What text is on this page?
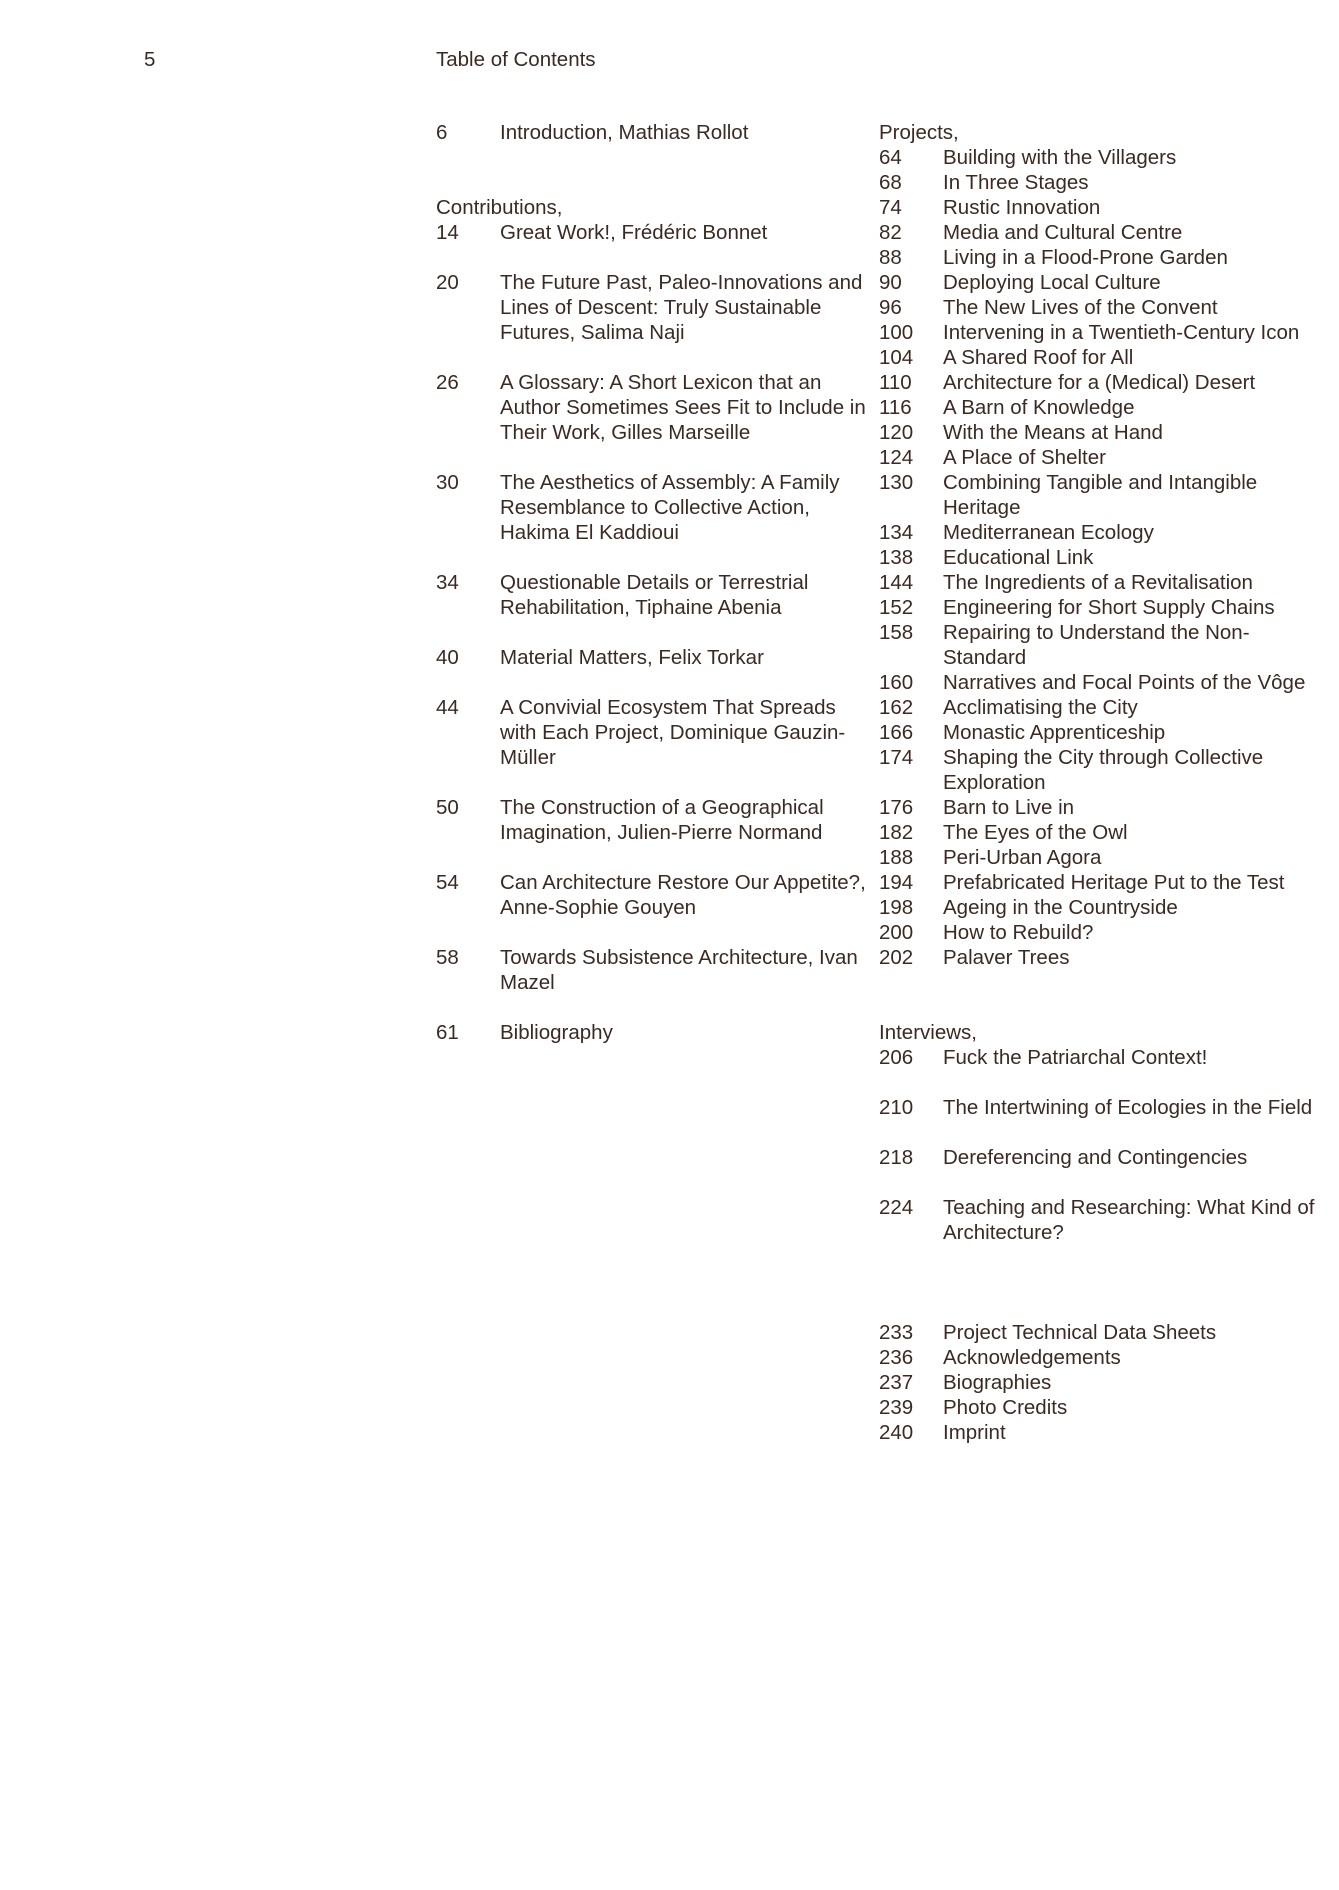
5	Table of Contents
6	Introduction, Mathias Rollot
Contributions,
14	Great Work!, Frédéric Bonnet
20	The Future Past, Paleo-Innovations and Lines of Descent: Truly Sustainable Futures, Salima Naji
26	A Glossary: A Short Lexicon that an Author Sometimes Sees Fit to Include in Their Work, Gilles Marseille
30	The Aesthetics of Assembly: A Family Resemblance to Collective Action, Hakima El Kaddioui
34	Questionable Details or Terrestrial Rehabilitation, Tiphaine Abenia
40	Material Matters, Felix Torkar
44	A Convivial Ecosystem That Spreads with Each Project, Dominique Gauzin-Müller
50	The Construction of a Geographical Imagination, Julien-Pierre Normand
54	Can Architecture Restore Our Appetite?, Anne-Sophie Gouyen
58	Towards Subsistence Architecture, Ivan Mazel
61	Bibliography
Projects,
64	Building with the Villagers
68	In Three Stages
74	Rustic Innovation
82	Media and Cultural Centre
88	Living in a Flood-Prone Garden
90	Deploying Local Culture
96	The New Lives of the Convent
100	Intervening in a Twentieth-Century Icon
104	A Shared Roof for All
110	Architecture for a (Medical) Desert
116	A Barn of Knowledge
120	With the Means at Hand
124	A Place of Shelter
130	Combining Tangible and Intangible Heritage
134	Mediterranean Ecology
138	Educational Link
144	The Ingredients of a Revitalisation
152	Engineering for Short Supply Chains
158	Repairing to Understand the Non-Standard
160	Narratives and Focal Points of the Vôge
162	Acclimatising the City
166	Monastic Apprenticeship
174	Shaping the City through Collective Exploration
176	Barn to Live in
182	The Eyes of the Owl
188	Peri-Urban Agora
194	Prefabricated Heritage Put to the Test
198	Ageing in the Countryside
200	How to Rebuild?
202	Palaver Trees
Interviews,
206	Fuck the Patriarchal Context!
210	The Intertwining of Ecologies in the Field
218	Dereferencing and Contingencies
224	Teaching and Researching: What Kind of Architecture?
233	Project Technical Data Sheets
236	Acknowledgements
237	Biographies
239	Photo Credits
240	Imprint
